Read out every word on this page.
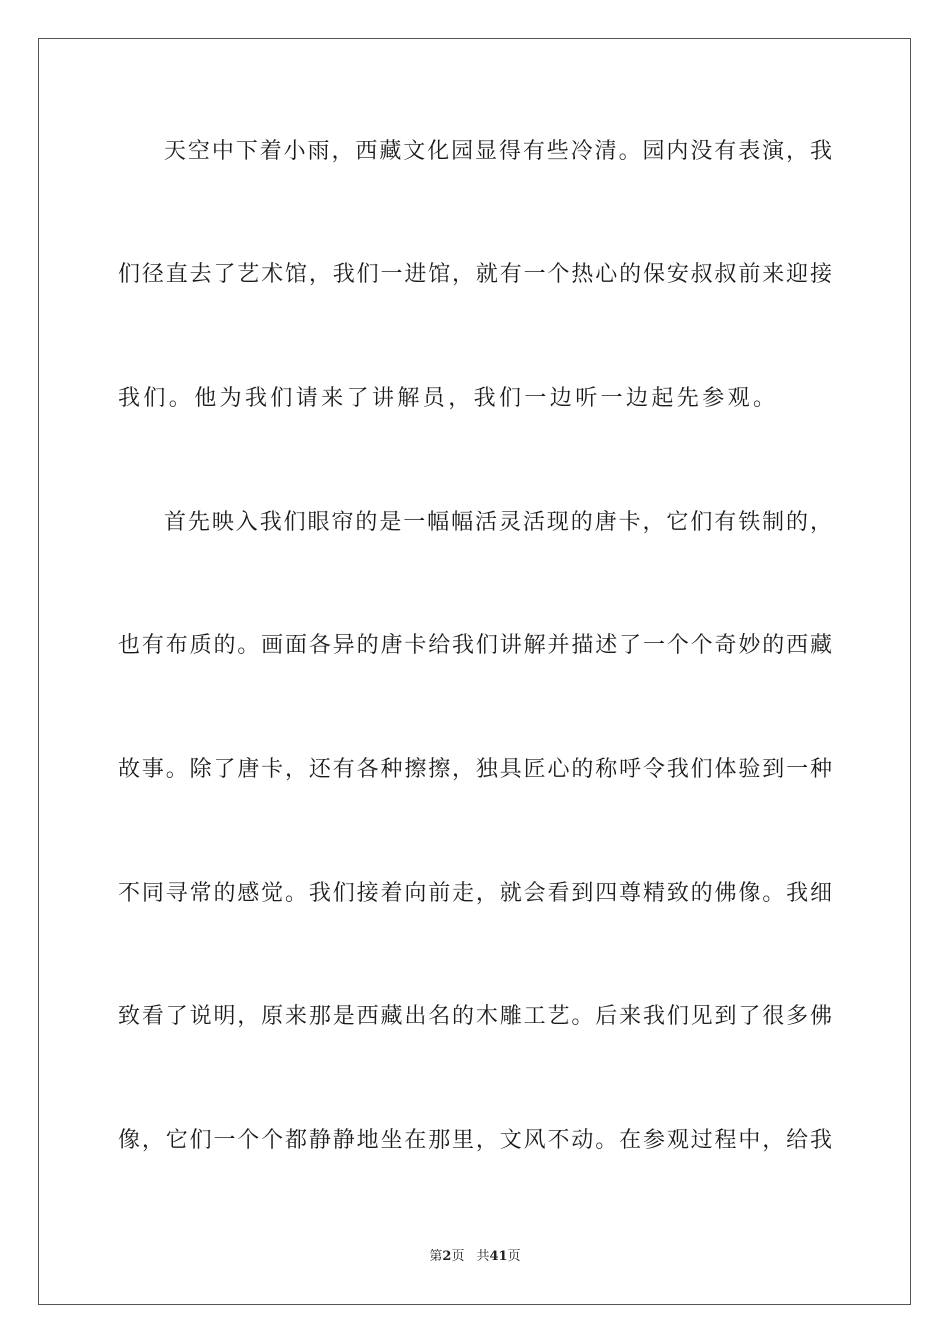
天空中下着小雨，西藏文化园显得有些冷清。园内没有表演，我
们径直去了艺术馆，我们一进馆，就有一个热心的保安叔叔前来迎接
我们。他为我们请来了讲解员，我们一边听一边起先参观。
首先映入我们眼帘的是一幅幅活灵活现的唐卡，它们有铁制的，
也有布质的。画面各异的唐卡给我们讲解并描述了一个个奇妙的西藏
故事。除了唐卡，还有各种擦擦，独具匠心的称呼令我们体验到一种
不同寻常的感觉。我们接着向前走，就会看到四尊精致的佛像。我细
致看了说明，原来那是西藏出名的木雕工艺。后来我们见到了很多佛
像，它们一个个都静静地坐在那里，文风不动。在参观过程中，给我
第2页 共41页
